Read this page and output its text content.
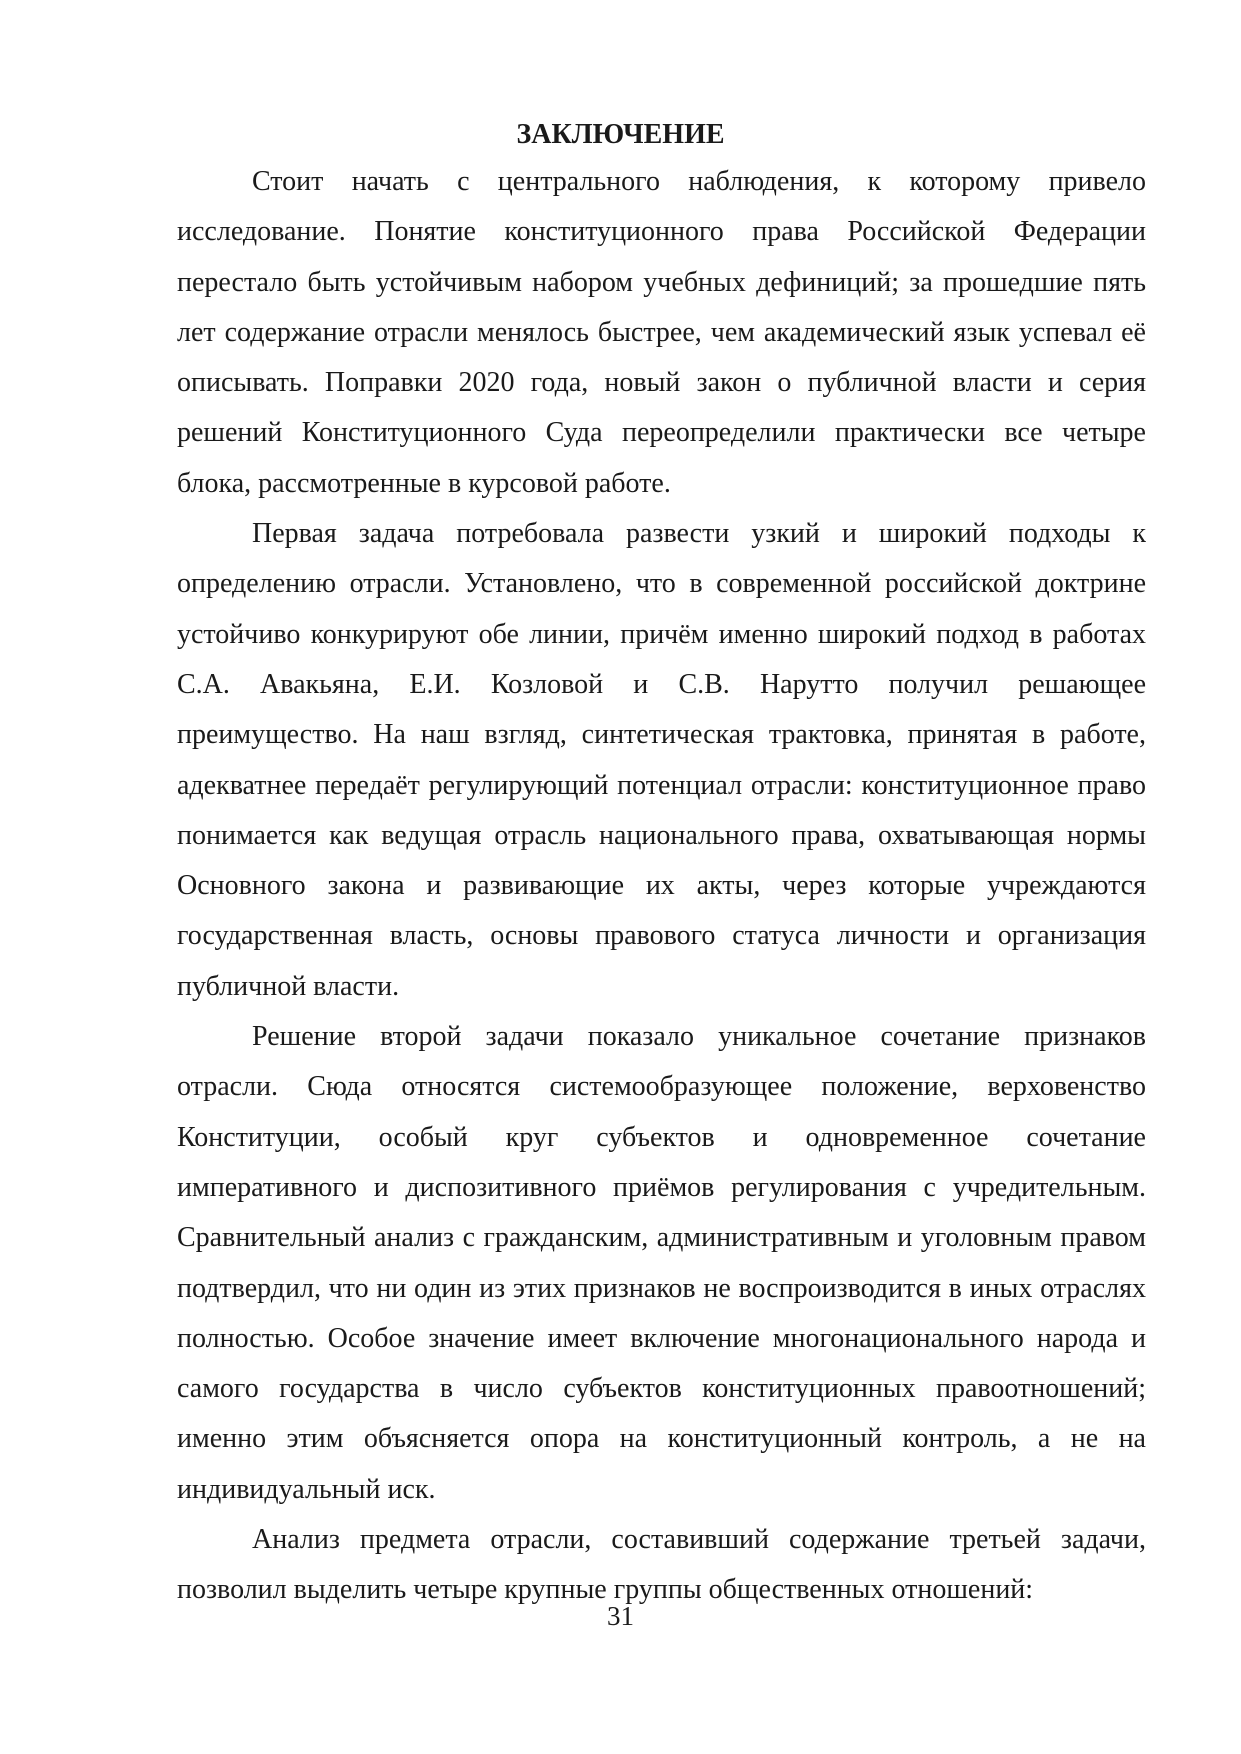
ЗАКЛЮЧЕНИЕ

Стоит начать с центрального наблюдения, к которому привело исследование. Понятие конституционного права Российской Федерации перестало быть устойчивым набором учебных дефиниций; за прошедшие пять лет содержание отрасли менялось быстрее, чем академический язык успевал её описывать. Поправки 2020 года, новый закон о публичной власти и серия решений Конституционного Суда переопределили практически все четыре блока, рассмотренные в курсовой работе.

Первая задача потребовала развести узкий и широкий подходы к определению отрасли. Установлено, что в современной российской доктрине устойчиво конкурируют обе линии, причём именно широкий подход в работах С.А. Авакьяна, Е.И. Козловой и С.В. Нарутто получил решающее преимущество. На наш взгляд, синтетическая трактовка, принятая в работе, адекватнее передаёт регулирующий потенциал отрасли: конституционное право понимается как ведущая отрасль национального права, охватывающая нормы Основного закона и развивающие их акты, через которые учреждаются государственная власть, основы правового статуса личности и организация публичной власти.

Решение второй задачи показало уникальное сочетание признаков отрасли. Сюда относятся системообразующее положение, верховенство Конституции, особый круг субъектов и одновременное сочетание императивного и диспозитивного приёмов регулирования с учредительным. Сравнительный анализ с гражданским, административным и уголовным правом подтвердил, что ни один из этих признаков не воспроизводится в иных отраслях полностью. Особое значение имеет включение многонационального народа и самого государства в число субъектов конституционных правоотношений; именно этим объясняется опора на конституционный контроль, а не на индивидуальный иск.

Анализ предмета отрасли, составивший содержание третьей задачи, позволил выделить четыре крупные группы общественных отношений:

31
